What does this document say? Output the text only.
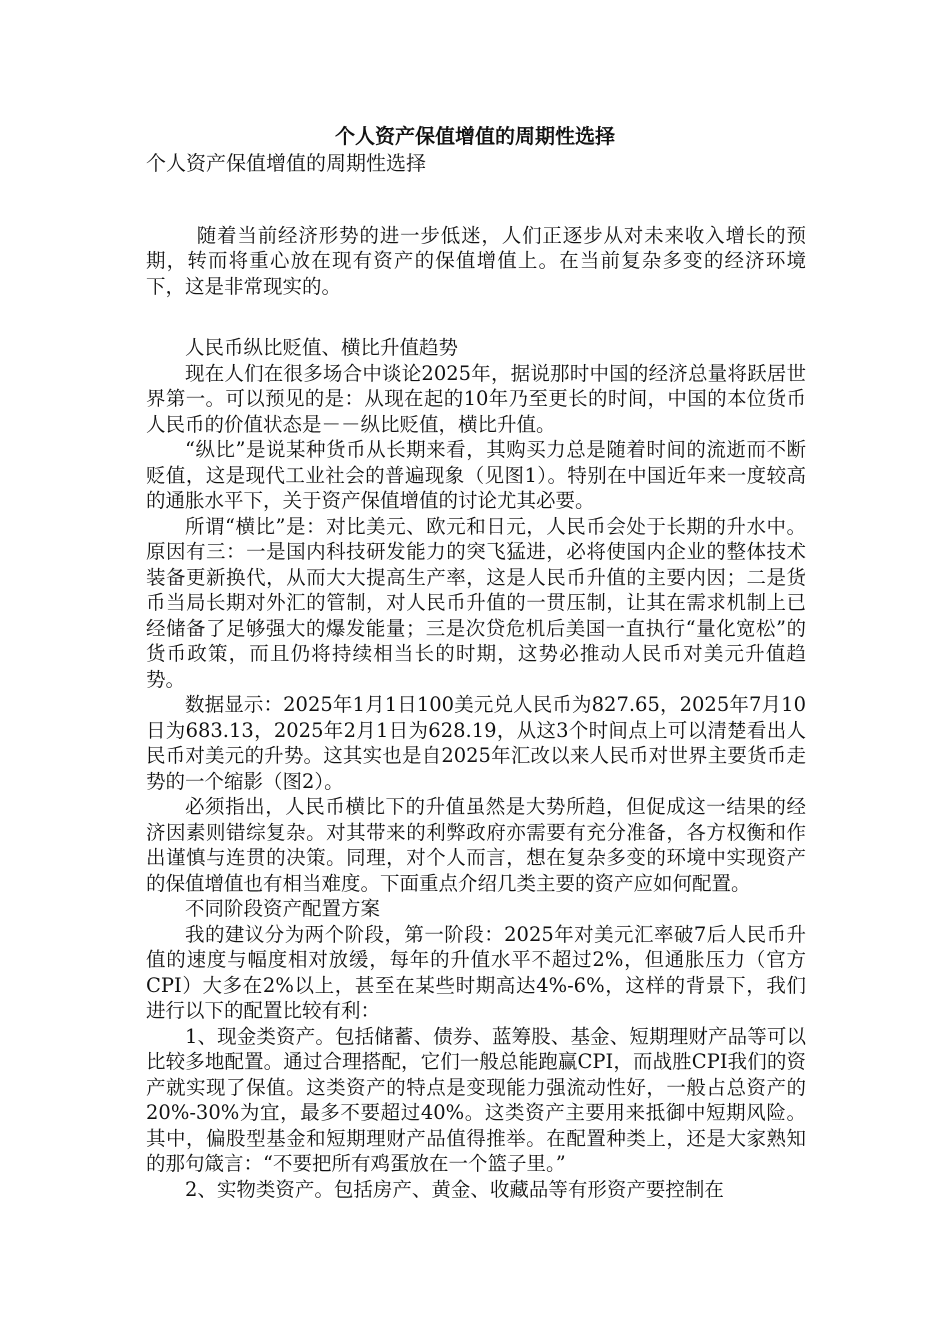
个人资产保值增值的周期性选择
个人资产保值增值的周期性选择

随着当前经济形势的进一步低迷，人们正逐步从对未来收入增长的预期，转而将重心放在现有资产的保值增值上。在当前复杂多变的经济环境下，这是非常现实的。

人民币纵比贬值、横比升值趋势

现在人们在很多场合中谈论2025年，据说那时中国的经济总量将跃居世界第一。可以预见的是：从现在起的10年乃至更长的时间，中国的本位货币人民币的价值状态是－－纵比贬值，横比升值。

“纵比”是说某种货币从长期来看，其购买力总是随着时间的流逝而不断贬值，这是现代工业社会的普遍现象（见图1）。特别在中国近年来一度较高的通胀水平下，关于资产保值增值的讨论尤其必要。

所谓“横比”是：对比美元、欧元和日元，人民币会处于长期的升水中。原因有三：一是国内科技研发能力的突飞猛进，必将使国内企业的整体技术装备更新换代，从而大大提高生产率，这是人民币升值的主要内因；二是货币当局长期对外汇的管制，对人民币升值的一贯压制，让其在需求机制上已经储备了足够强大的爆发能量；三是次贷危机后美国一直执行“量化宽松”的货币政策，而且仍将持续相当长的时期，这势必推动人民币对美元升值趋势。

数据显示：2025年1月1日100美元兑人民币为827.65，2025年7月10日为683.13，2025年2月1日为628.19，从这3个时间点上可以清楚看出人民币对美元的升势。这其实也是自2025年汇改以来人民币对世界主要货币走势的一个缩影（图2）。

必须指出，人民币横比下的升值虽然是大势所趋，但促成这一结果的经济因素则错综复杂。对其带来的利弊政府亦需要有充分准备，各方权衡和作出谨慎与连贯的决策。同理，对个人而言，想在复杂多变的环境中实现资产的保值增值也有相当难度。下面重点介绍几类主要的资产应如何配置。

不同阶段资产配置方案

我的建议分为两个阶段，第一阶段：2025年对美元汇率破7后人民币升值的速度与幅度相对放缓，每年的升值水平不超过2%，但通胀压力（官方CPI）大多在2%以上，甚至在某些时期高达4%-6%，这样的背景下，我们进行以下的配置比较有利：

1、现金类资产。包括储蓄、债券、蓝筹股、基金、短期理财产品等可以比较多地配置。通过合理搭配，它们一般总能跑赢CPI，而战胜CPI我们的资产就实现了保值。这类资产的特点是变现能力强流动性好，一般占总资产的20%-30%为宜，最多不要超过40%。这类资产主要用来抵御中短期风险。其中，偏股型基金和短期理财产品值得推举。在配置种类上，还是大家熟知的那句箴言：“不要把所有鸡蛋放在一个篮子里。”

2、实物类资产。包括房产、黄金、收藏品等有形资产要控制在
